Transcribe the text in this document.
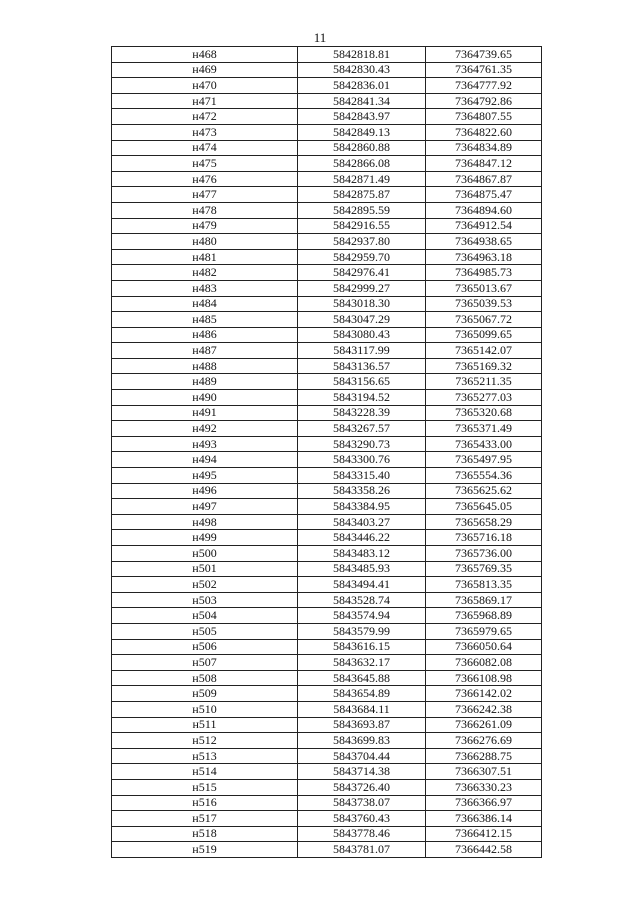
11
н468	5842818.81	7364739.65
н469	5842830.43	7364761.35
н470	5842836.01	7364777.92
н471	5842841.34	7364792.86
н472	5842843.97	7364807.55
н473	5842849.13	7364822.60
н474	5842860.88	7364834.89
н475	5842866.08	7364847.12
н476	5842871.49	7364867.87
н477	5842875.87	7364875.47
н478	5842895.59	7364894.60
н479	5842916.55	7364912.54
н480	5842937.80	7364938.65
н481	5842959.70	7364963.18
н482	5842976.41	7364985.73
н483	5842999.27	7365013.67
н484	5843018.30	7365039.53
н485	5843047.29	7365067.72
н486	5843080.43	7365099.65
н487	5843117.99	7365142.07
н488	5843136.57	7365169.32
н489	5843156.65	7365211.35
н490	5843194.52	7365277.03
н491	5843228.39	7365320.68
н492	5843267.57	7365371.49
н493	5843290.73	7365433.00
н494	5843300.76	7365497.95
н495	5843315.40	7365554.36
н496	5843358.26	7365625.62
н497	5843384.95	7365645.05
н498	5843403.27	7365658.29
н499	5843446.22	7365716.18
н500	5843483.12	7365736.00
н501	5843485.93	7365769.35
н502	5843494.41	7365813.35
н503	5843528.74	7365869.17
н504	5843574.94	7365968.89
н505	5843579.99	7365979.65
н506	5843616.15	7366050.64
н507	5843632.17	7366082.08
н508	5843645.88	7366108.98
н509	5843654.89	7366142.02
н510	5843684.11	7366242.38
н511	5843693.87	7366261.09
н512	5843699.83	7366276.69
н513	5843704.44	7366288.75
н514	5843714.38	7366307.51
н515	5843726.40	7366330.23
н516	5843738.07	7366366.97
н517	5843760.43	7366386.14
н518	5843778.46	7366412.15
н519	5843781.07	7366442.58
